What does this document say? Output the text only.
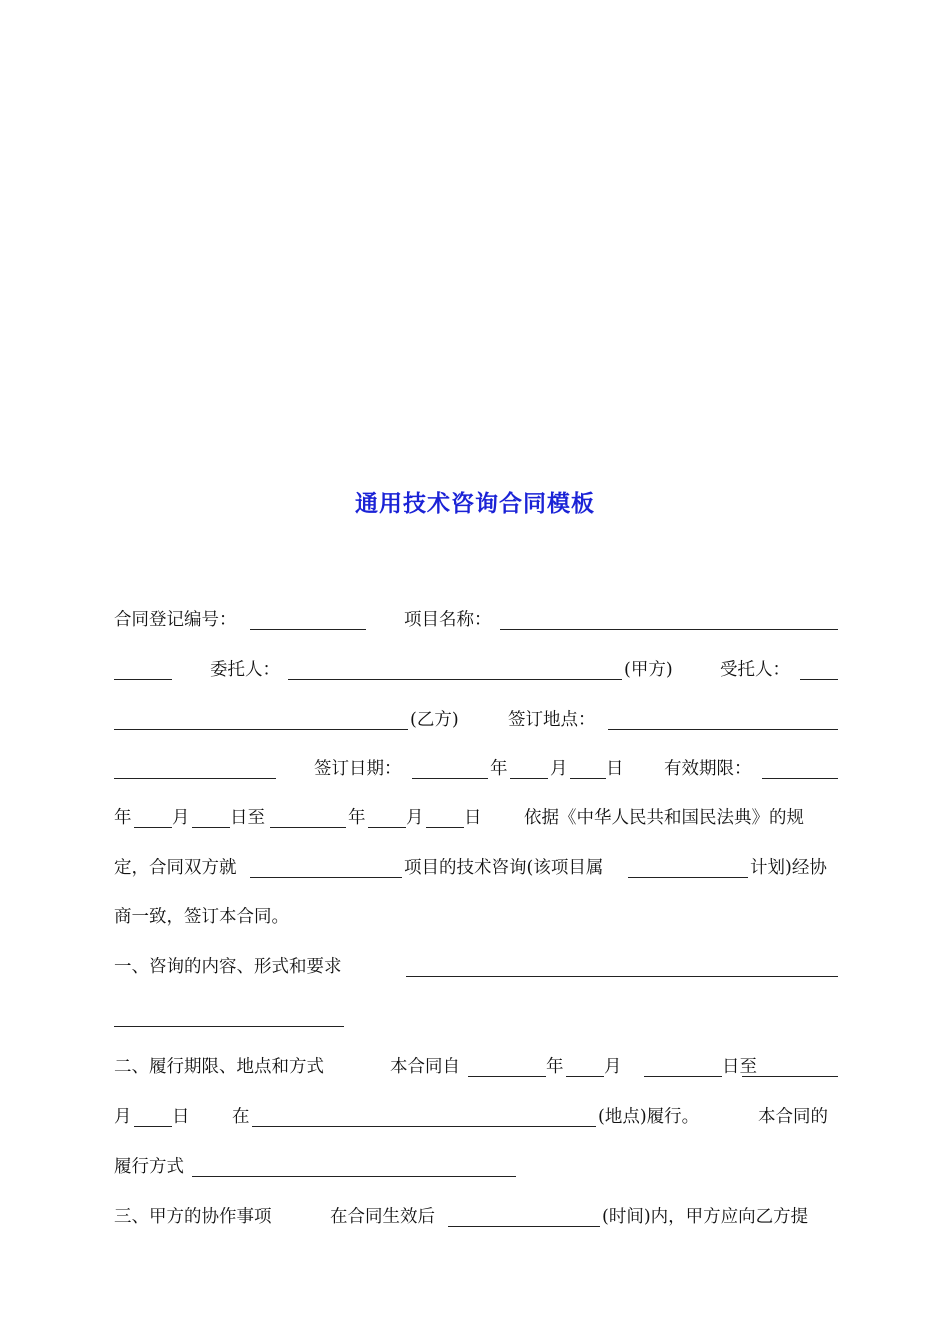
通用技术咨询合同模板
合同登记编号：	项目名称：
委托人：	(甲方)	受托人：
(乙方)	签订地点：
签订日期：	年 月 日 有效期限：
年 月 日至	年 月 日 依据《中华人民共和国民法典》的规
定，合同双方就	项目的技术咨询(该项目属	计划)经协
商一致，签订本合同。
一、咨询的内容、形式和要求
二、履行期限、地点和方式	本合同自	年 月	日至
月 日 在	(地点)履行。	本合同的
履行方式
三、甲方的协作事项	在合同生效后	(时间)内，甲方应向乙方提
